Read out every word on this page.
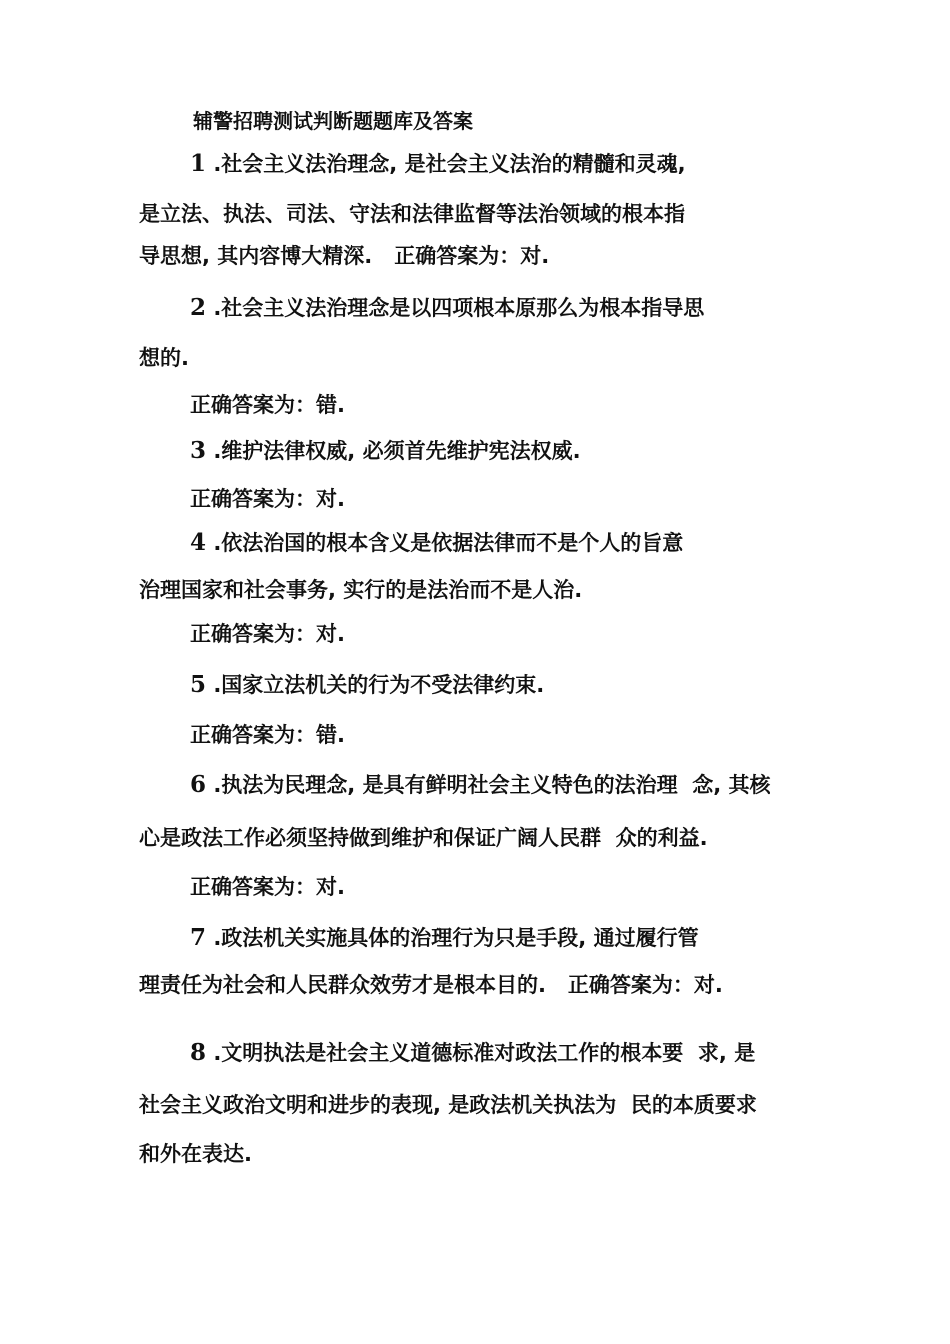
辅警招聘测试判断题题库及答案
1 .社会主义法治理念, 是社会主义法治的精髓和灵魂,
是立法、执法、司法、守法和法律监督等法治领域的根本指
导思想, 其内容博大精深.   正确答案为：对.
2 .社会主义法治理念是以四项根本原那么为根本指导思
想的.
正确答案为：错.
3 .维护法律权威, 必须首先维护宪法权威.
正确答案为：对.
4 .依法治国的根本含义是依据法律而不是个人的旨意
治理国家和社会事务, 实行的是法治而不是人治.
正确答案为：对.
5 .国家立法机关的行为不受法律约束.
正确答案为：错.
6 .执法为民理念, 是具有鲜明社会主义特色的法治理  念, 其核
心是政法工作必须坚持做到维护和保证广阔人民群  众的利益.
正确答案为：对.
7 .政法机关实施具体的治理行为只是手段, 通过履行管
理责任为社会和人民群众效劳才是根本目的.   正确答案为：对.
8 .文明执法是社会主义道德标准对政法工作的根本要  求, 是
社会主义政治文明和进步的表现, 是政法机关执法为  民的本质要求
和外在表达.
